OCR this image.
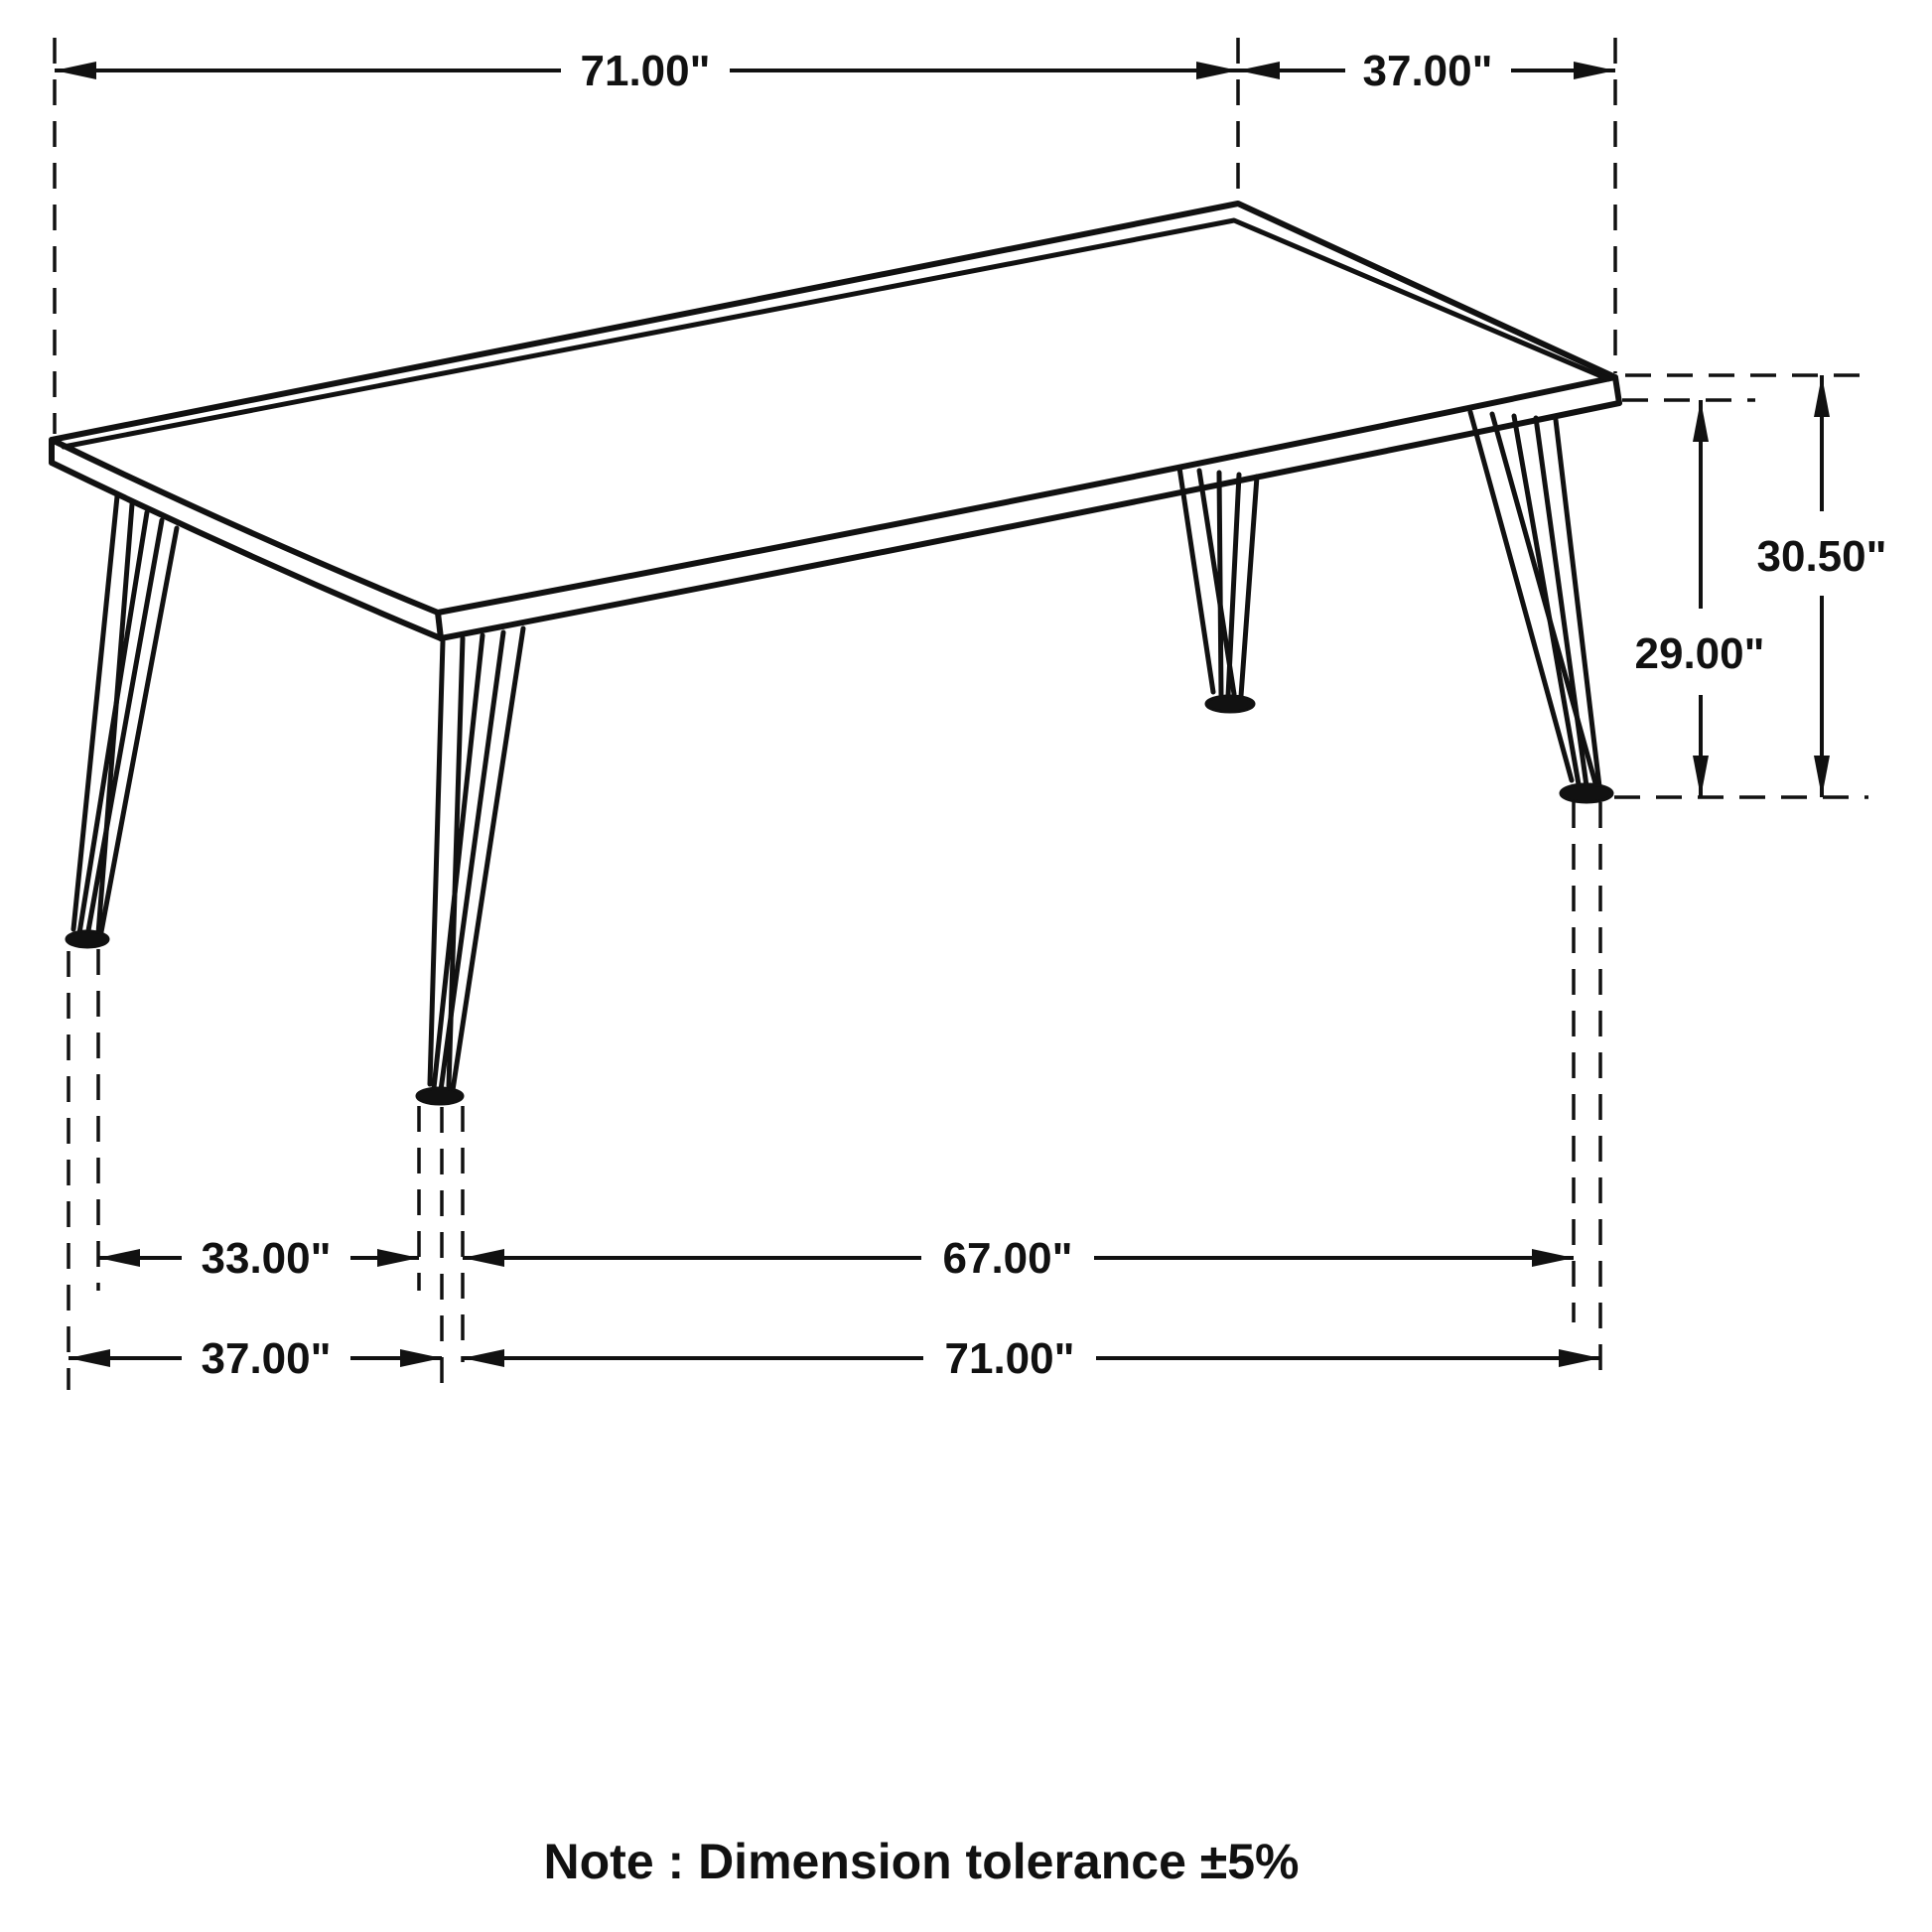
71.00"	37.00"
30.50"
29.00"
33.00"	67.00"
37.00"	71.00"
Note : Dimension tolerance ±5%
